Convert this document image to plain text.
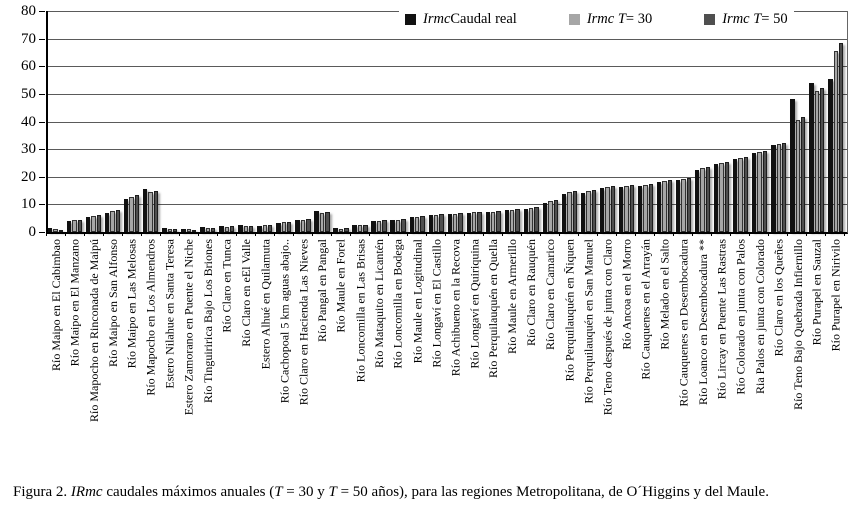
0
10
20
30
40
50
60
70
80
Río Maipo en El Cabimbao Río Maipo en El Manzano Río Mapocho en Rinconada de Maipú Río Maipo en San Alfonso Río Maipo en Las Melosas Río Mapocho en Los Almendros Estero Nilahue en Santa Teresa Estero Zamorano en Puente el Niche Río Tinguiririca Bajo Los Briones Río Claro en Tunca Río Claro en eEl Valle Estero Alhué en Quilamuta Río Cachopoal 5 km aguas abajo.. Río Claro en Hacienda Las Nieves Río Pangal en Pangal Río Maule en Forel Río Loncomilla en Las Brisas Río Mataquito en Licantén Río Loncomilla en Bodega Río Maule en Logitudinal Río Longaví en El Castillo Río Achibueno en la Recova Río Longaví en Quiriquina Río Perquilauquén en Quella Río Maule en Armerillo Río Claro en Rauquén Río Claro en Camarico Río Perquilauquén en Ñiquen Río Perquilauquén en San Manuel Río Teno después de junta con Claro Río Ancoa en el Morro Río Cauquenes en el Arrayán Río Melado en el Salto Río Cauquenes en Desembocadura Río Loanco en Desembocadura ** Río Lircay en Puente Las Rastras Río Colorado en junta con Palos Ria Palos en junta con Colorado Río Claro en los Queñes Río Teno Bajo Quebrada Infiernillo Río Purapel en Sauzal Río Purapel en Nirivilo
Irmc Caudal real	Irmc T = 30	Irmc T = 50
Figura 2. IRmc caudales máximos anuales (T = 30 y T = 50 años), para las regiones Metropolitana, de O´Higgins y del Maule.
